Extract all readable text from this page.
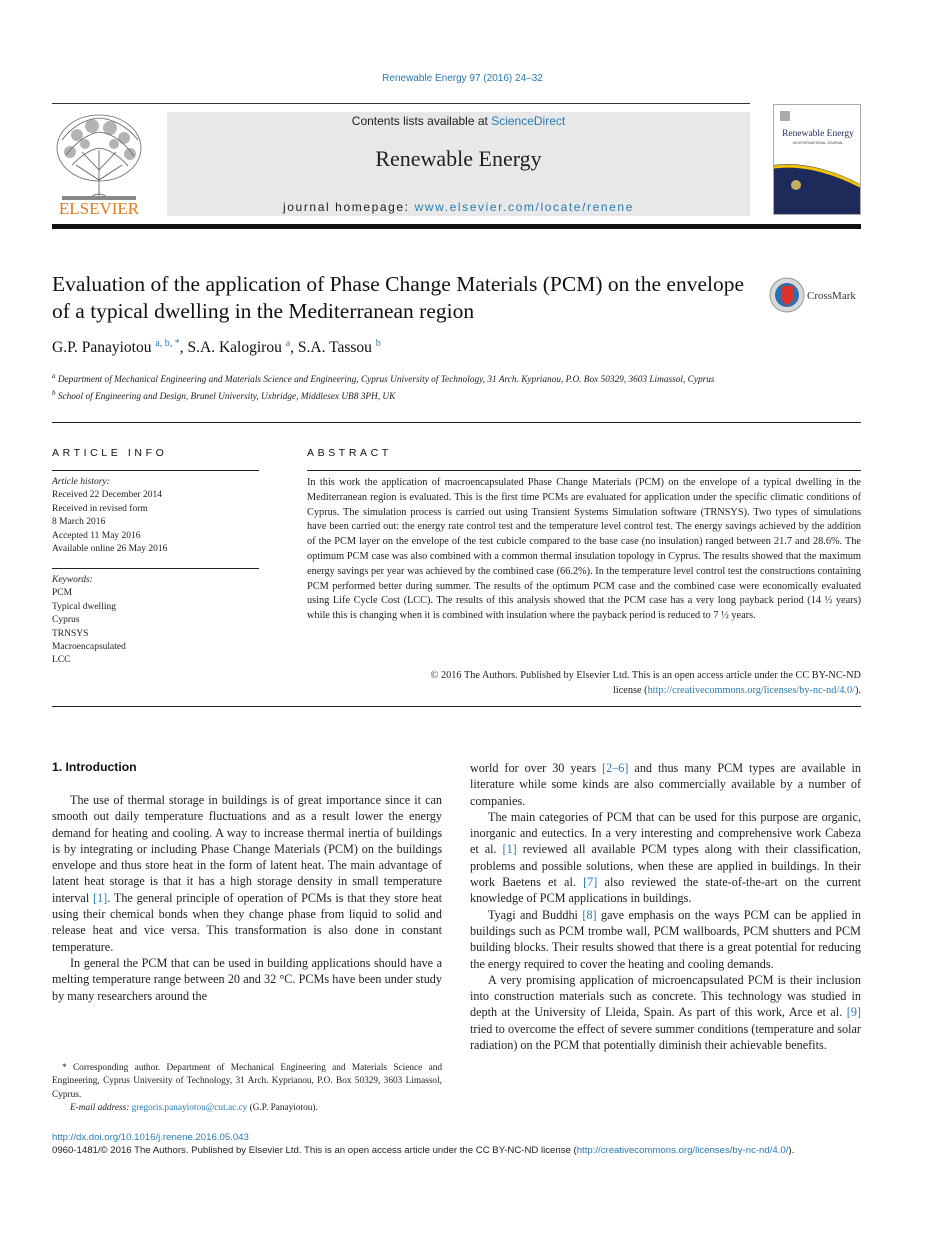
Renewable Energy 97 (2016) 24–32
ELSEVIER
Contents lists available at ScienceDirect
Renewable Energy
journal homepage: www.elsevier.com/locate/renene
Renewable Energy
AN INTERNATIONAL JOURNAL
Evaluation of the application of Phase Change Materials (PCM) on the envelope of a typical dwelling in the Mediterranean region
CrossMark
G.P. Panayiotou $^{a, b, *}$, S.A. Kalogirou $^a$, S.A. Tassou $^b$
$^a$ Department of Mechanical Engineering and Materials Science and Engineering, Cyprus University of Technology, 31 Arch. Kyprianou, P.O. Box 50329, 3603 Limassol, Cyprus
$^b$ School of Engineering and Design, Brunel University, Uxbridge, Middlesex UB8 3PH, UK
ARTICLE INFO
Article history:
Received 22 December 2014
Received in revised form
8 March 2016
Accepted 11 May 2016
Available online 26 May 2016
Keywords:
PCM
Typical dwelling
Cyprus
TRNSYS
Macroencapsulated
LCC
ABSTRACT
In this work the application of macroencapsulated Phase Change Materials (PCM) on the envelope of a typical dwelling in the Mediterranean region is evaluated. This is the first time PCMs are evaluated for application under the specific climatic conditions of Cyprus. The simulation process is carried out using Transient Systems Simulation software (TRNSYS). Two types of simulations have been carried out: the energy rate control test and the temperature level control test. The energy savings achieved by the addition of the PCM layer on the envelope of the test cubicle compared to the base case (no insulation) ranged between 21.7 and 28.6%. The optimum PCM case was also combined with a common thermal insulation topology in Cyprus. The results showed that the maximum energy savings per year was achieved by the combined case (66.2%). In the temperature level control test the constructions containing PCM performed better during summer. The results of the optimum PCM case and the combined case were economically evaluated using Life Cycle Cost (LCC). The results of this analysis showed that the PCM case has a very long payback period (14 ½ years) while this is changing when it is combined with insulation where the payback period is reduced to 7 ½ years.
© 2016 The Authors. Published by Elsevier Ltd. This is an open access article under the CC BY-NC-ND
license (http://creativecommons.org/licenses/by-nc-nd/4.0/).
1. Introduction

The use of thermal storage in buildings is of great importance since it can smooth out daily temperature fluctuations and as a result lower the energy demand for heating and cooling. A way to increase thermal inertia of buildings is by integrating or including Phase Change Materials (PCM) on the buildings envelope and thus store heat in the form of latent heat. The main advantage of latent heat storage is that it has a high storage density in small temperature interval [1]. The general principle of operation of PCMs is that they store heat using their chemical bonds when they change phase from liquid to solid and release heat and vice versa. This transformation is also done in constant temperature.

In general the PCM that can be used in building applications should have a melting temperature range between 20 and 32 °C. PCMs have been under study by many researchers around the

world for over 30 years [2–6] and thus many PCM types are available in literature while some kinds are also commercially available by a number of companies.

The main categories of PCM that can be used for this purpose are organic, inorganic and eutectics. In a very interesting and comprehensive work Cabeza et al. [1] reviewed all available PCM types along with their classification, problems and possible solutions, when these are applied in buildings. In their work Baetens et al. [7] also reviewed the state-of-the-art on the current knowledge of PCM applications in buildings.

Tyagi and Buddhi [8] gave emphasis on the ways PCM can be applied in buildings such as PCM trombe wall, PCM wallboards, PCM shutters and PCM building blocks. Their results showed that there is a great potential for reducing the energy required to cover the heating and cooling demands.

A very promising application of microencapsulated PCM is their inclusion into construction materials such as concrete. This technology was studied in depth at the University of Lleida, Spain. As part of this work, Arce et al. [9] tried to overcome the effect of severe summer conditions (temperature and solar radiation) on the PCM that potentially diminish their achievable benefits.

* Corresponding author. Department of Mechanical Engineering and Materials Science and Engineering, Cyprus University of Technology, 31 Arch. Kyprianou, P.O. Box 50329, 3603 Limassol, Cyprus.
E-mail address: gregoris.panayiotou@cut.ac.cy (G.P. Panayiotou).
http://dx.doi.org/10.1016/j.renene.2016.05.043
0960-1481/© 2016 The Authors. Published by Elsevier Ltd. This is an open access article under the CC BY-NC-ND license (http://creativecommons.org/licenses/by-nc-nd/4.0/).
